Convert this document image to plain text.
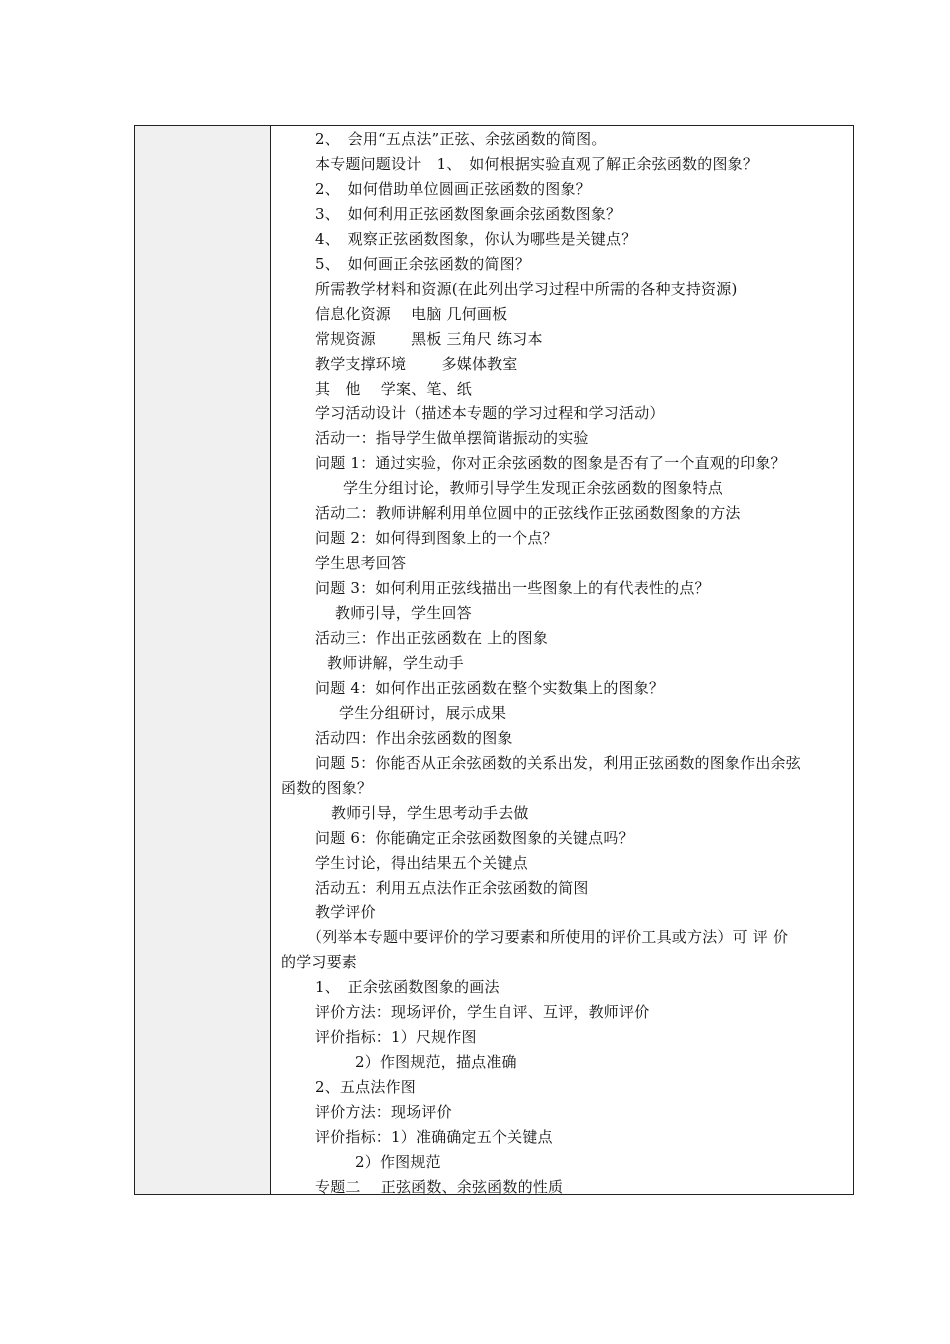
2、　会用“五点法”正弦、余弦函数的简图。
本专题问题设计　1、　如何根据实验直观了解正余弦函数的图象？
2、　如何借助单位圆画正弦函数的图象？
3、　如何利用正弦函数图象画余弦函数图象？
4、　观察正弦函数图象，你认为哪些是关键点？
5、　如何画正余弦函数的简图？
所需教学材料和资源(在此列出学习过程中所需的各种支持资源)
信息化资源　 电脑 几何画板
常规资源　　 黑板 三角尺 练习本
教学支撑环境　　 多媒体教室
其　他　 学案、笔、纸
学习活动设计（描述本专题的学习过程和学习活动）
活动一：指导学生做单摆简谐振动的实验
问题 1：通过实验，你对正余弦函数的图象是否有了一个直观的印象？
学生分组讨论，教师引导学生发现正余弦函数的图象特点
活动二：教师讲解利用单位圆中的正弦线作正弦函数图象的方法
问题 2：如何得到图象上的一个点？
学生思考回答
问题 3：如何利用正弦线描出一些图象上的有代表性的点？
教师引导，学生回答
活动三：作出正弦函数在 上的图象
教师讲解，学生动手
问题 4：如何作出正弦函数在整个实数集上的图象？
学生分组研讨，展示成果
活动四：作出余弦函数的图象
问题 5：你能否从正余弦函数的关系出发，利用正弦函数的图象作出余弦
函数的图象？
教师引导，学生思考动手去做
问题 6：你能确定正余弦函数图象的关键点吗？
学生讨论，得出结果五个关键点
活动五：利用五点法作正余弦函数的简图
教学评价
（列举本专题中要评价的学习要素和所使用的评价工具或方法）可 评 价
的学习要素
1、　正余弦函数图象的画法
评价方法：现场评价，学生自评、互评，教师评价
评价指标：1）尺规作图
2）作图规范，描点准确
2、五点法作图
评价方法：现场评价
评价指标：1）准确确定五个关键点
2）作图规范
专题二　 正弦函数、余弦函数的性质
